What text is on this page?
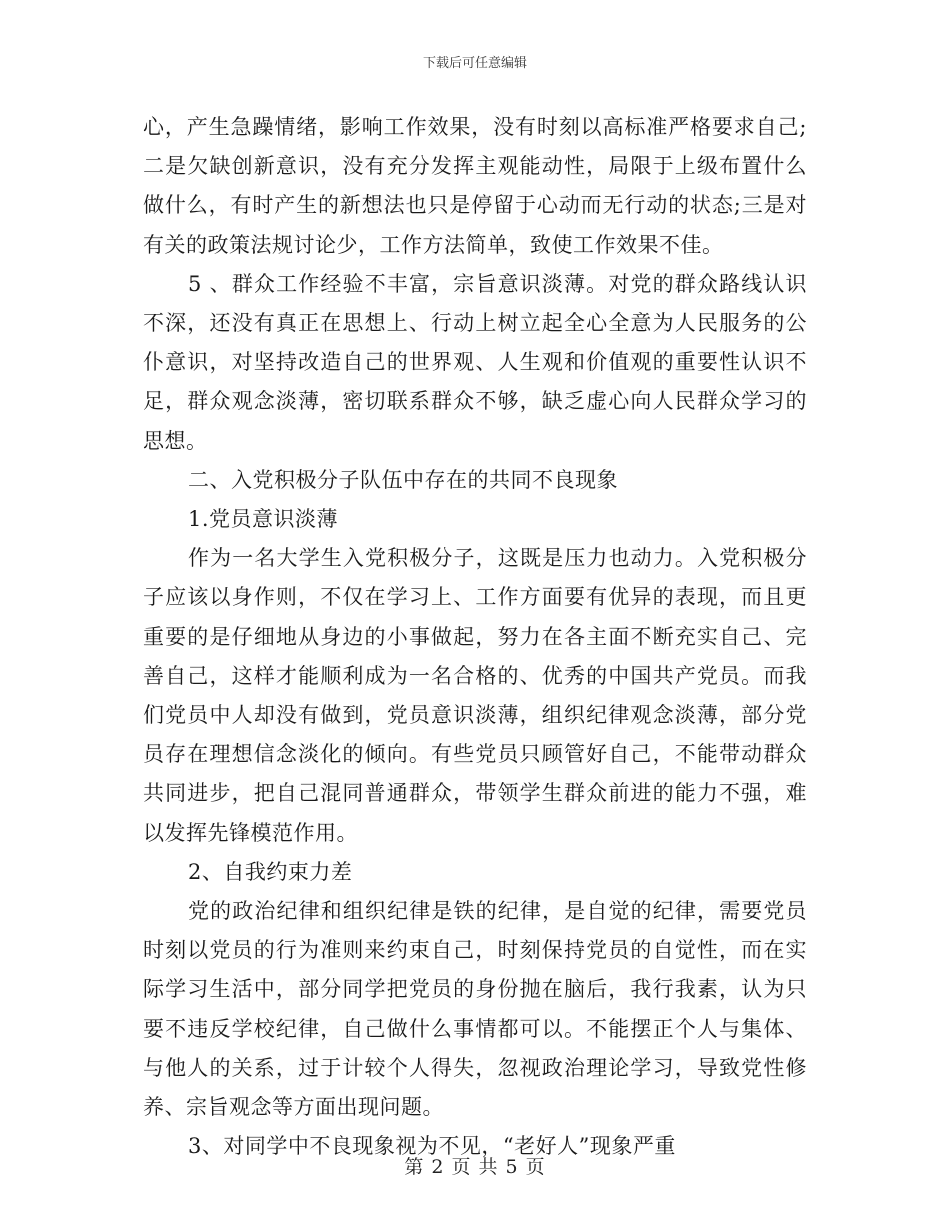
下载后可任意编辑

心，产生急躁情绪，影响工作效果，没有时刻以高标准严格要求自己;二是欠缺创新意识，没有充分发挥主观能动性，局限于上级布置什么做什么，有时产生的新想法也只是停留于心动而无行动的状态;三是对有关的政策法规讨论少，工作方法简单，致使工作效果不佳。

5 、群众工作经验不丰富，宗旨意识淡薄。对党的群众路线认识不深，还没有真正在思想上、行动上树立起全心全意为人民服务的公仆意识，对坚持改造自己的世界观、人生观和价值观的重要性认识不足，群众观念淡薄，密切联系群众不够，缺乏虚心向人民群众学习的思想。

二、入党积极分子队伍中存在的共同不良现象

1.党员意识淡薄

作为一名大学生入党积极分子，这既是压力也动力。入党积极分子应该以身作则，不仅在学习上、工作方面要有优异的表现，而且更重要的是仔细地从身边的小事做起，努力在各主面不断充实自己、完善自己，这样才能顺利成为一名合格的、优秀的中国共产党员。而我们党员中人却没有做到，党员意识淡薄，组织纪律观念淡薄，部分党员存在理想信念淡化的倾向。有些党员只顾管好自己，不能带动群众共同进步，把自己混同普通群众，带领学生群众前进的能力不强，难以发挥先锋模范作用。

2、自我约束力差

党的政治纪律和组织纪律是铁的纪律，是自觉的纪律，需要党员时刻以党员的行为准则来约束自己，时刻保持党员的自觉性，而在实际学习生活中，部分同学把党员的身份抛在脑后，我行我素，认为只要不违反学校纪律，自己做什么事情都可以。不能摆正个人与集体、与他人的关系，过于计较个人得失，忽视政治理论学习，导致党性修养、宗旨观念等方面出现问题。

3、对同学中不良现象视为不见，“老好人”现象严重

第 2 页 共 5 页
